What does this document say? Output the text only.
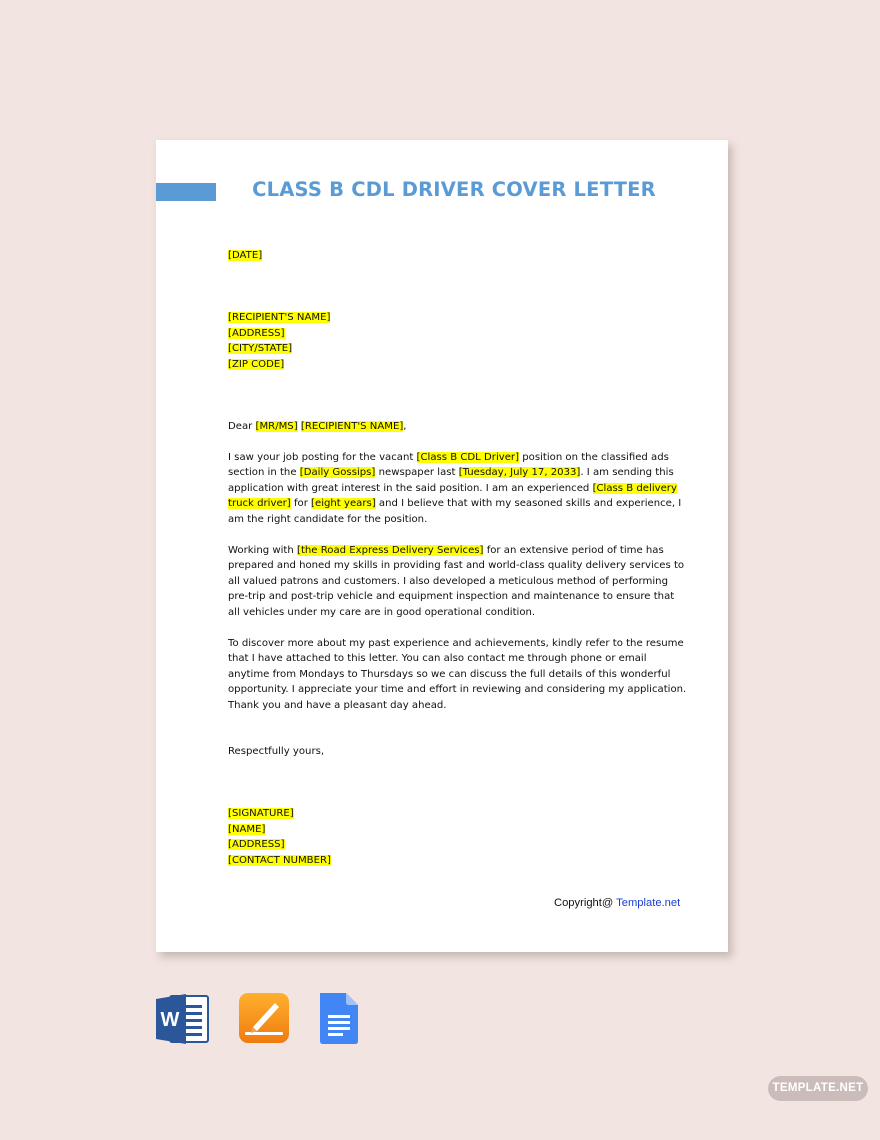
CLASS B CDL DRIVER COVER LETTER
[DATE]
[RECIPIENT'S NAME]
[ADDRESS]
[CITY/STATE]
[ZIP CODE]

Dear [MR/MS] [RECIPIENT'S NAME],

I saw your job posting for the vacant [Class B CDL Driver] position on the classified ads section in the [Daily Gossips] newspaper last [Tuesday, July 17, 2033]. I am sending this application with great interest in the said position. I am an experienced [Class B delivery truck driver] for [eight years] and I believe that with my seasoned skills and experience, I am the right candidate for the position.

Working with [the Road Express Delivery Services] for an extensive period of time has prepared and honed my skills in providing fast and world-class quality delivery services to all valued patrons and customers. I also developed a meticulous method of performing pre-trip and post-trip vehicle and equipment inspection and maintenance to ensure that all vehicles under my care are in good operational condition.

To discover more about my past experience and achievements, kindly refer to the resume that I have attached to this letter. You can also contact me through phone or email anytime from Mondays to Thursdays so we can discuss the full details of this wonderful opportunity. I appreciate your time and effort in reviewing and considering my application. Thank you and have a pleasant day ahead.

Respectfully yours,
[SIGNATURE]
[NAME]
[ADDRESS]
[CONTACT NUMBER]
Copyright@ Template.net
W
TEMPLATE.NET
